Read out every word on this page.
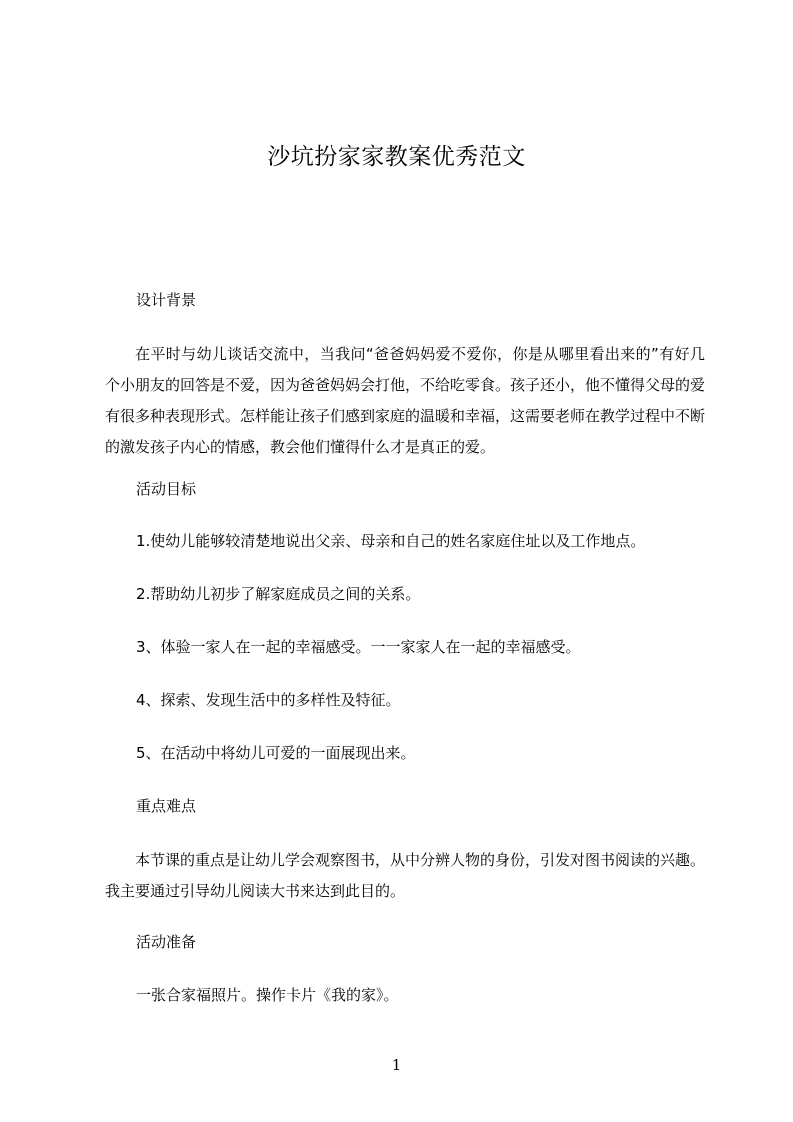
沙坑扮家家教案优秀范文

设计背景

在平时与幼儿谈话交流中，当我问“爸爸妈妈爱不爱你，你是从哪里看出来的”有好几个小朋友的回答是不爱，因为爸爸妈妈会打他，不给吃零食。孩子还小，他不懂得父母的爱有很多种表现形式。怎样能让孩子们感到家庭的温暖和幸福，这需要老师在教学过程中不断的激发孩子内心的情感，教会他们懂得什么才是真正的爱。

活动目标

1.使幼儿能够较清楚地说出父亲、母亲和自己的姓名家庭住址以及工作地点。

2.帮助幼儿初步了解家庭成员之间的关系。

3、体验一家人在一起的幸福感受。一一家家人在一起的幸福感受。

4、探索、发现生活中的多样性及特征。

5、在活动中将幼儿可爱的一面展现出来。

重点难点

本节课的重点是让幼儿学会观察图书，从中分辨人物的身份，引发对图书阅读的兴趣。我主要通过引导幼儿阅读大书来达到此目的。

活动准备

一张合家福照片。操作卡片《我的家》。

1
